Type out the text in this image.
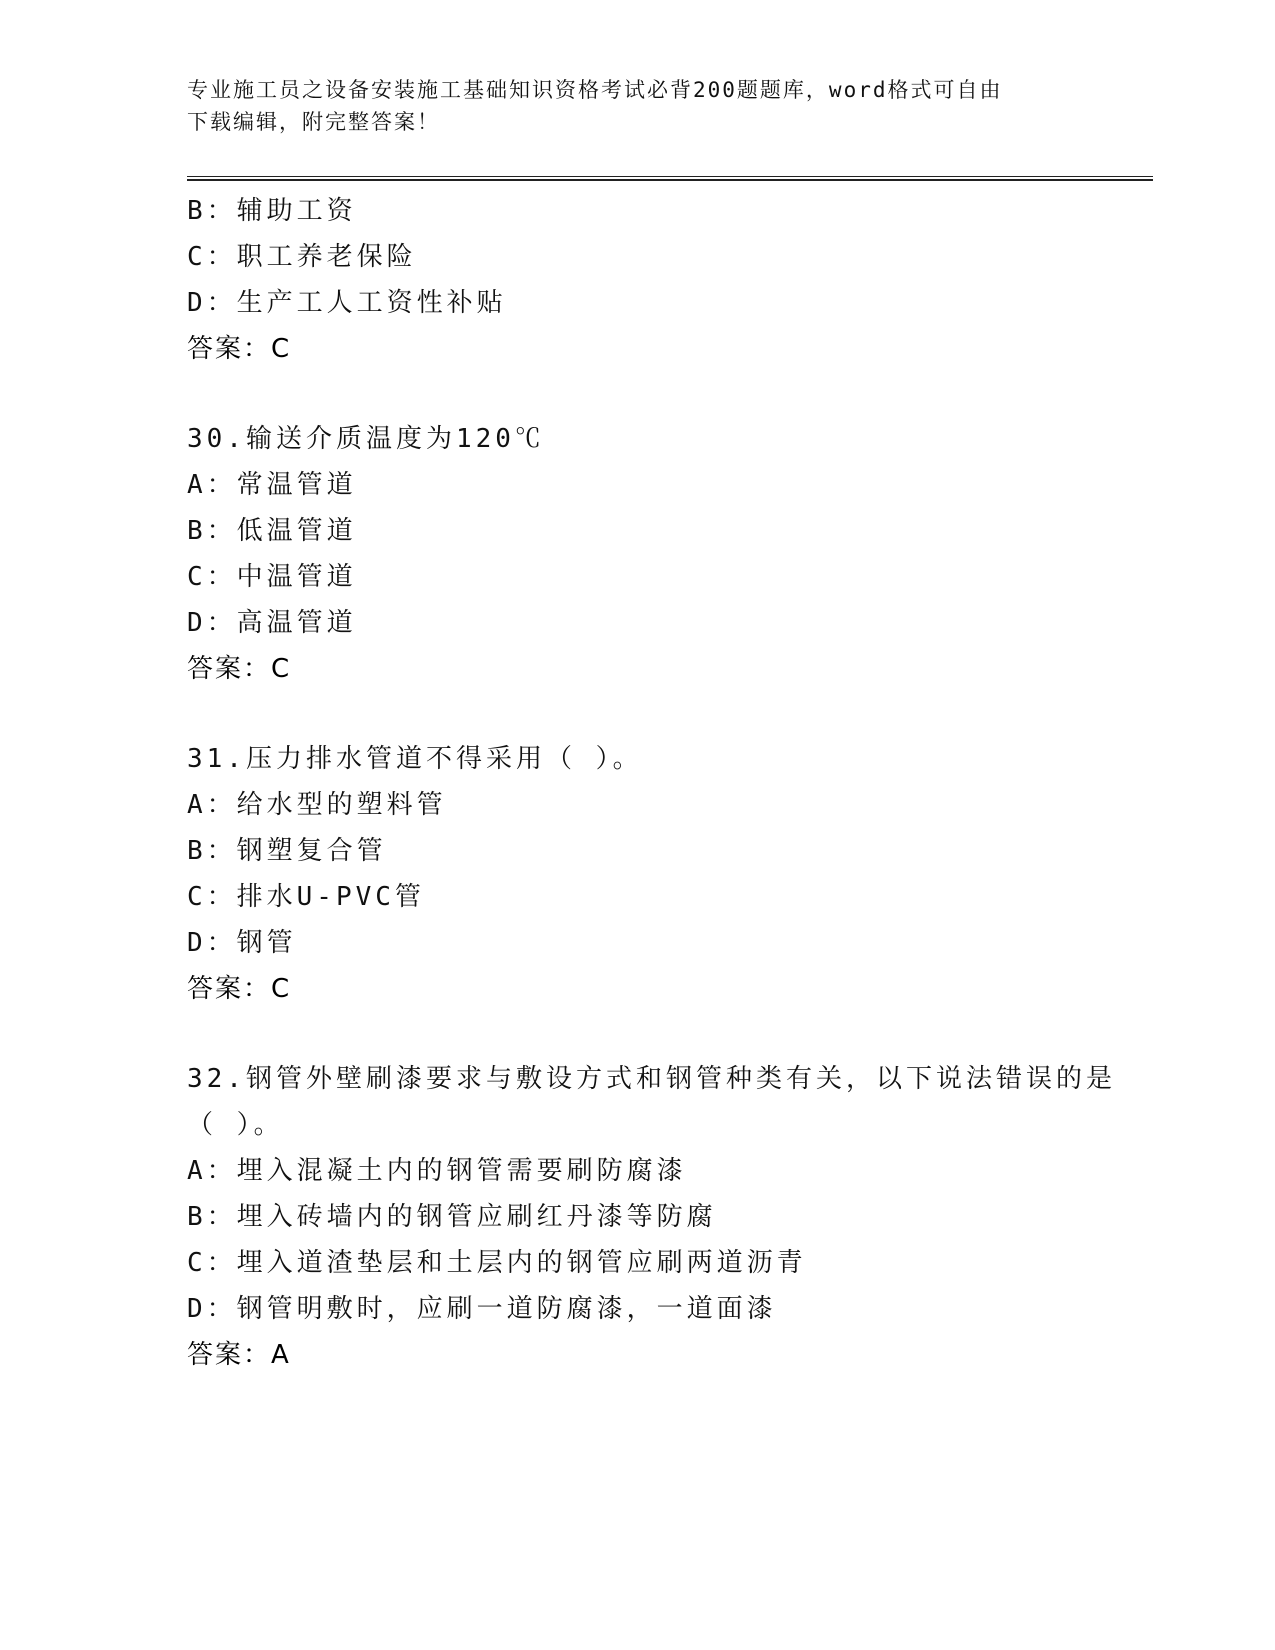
专业施工员之设备安装施工基础知识资格考试必背200题题库，word格式可自由
下载编辑，附完整答案！
B：辅助工资
C：职工养老保险
D：生产工人工资性补贴
答案：C
30.输送介质温度为120℃
A：常温管道
B：低温管道
C：中温管道
D：高温管道
答案：C
31.压力排水管道不得采用（ ）。
A：给水型的塑料管
B：钢塑复合管
C：排水U-PVC管
D：钢管
答案：C
32.钢管外壁刷漆要求与敷设方式和钢管种类有关，以下说法错误的是
（ ）。
A：埋入混凝土内的钢管需要刷防腐漆
B：埋入砖墙内的钢管应刷红丹漆等防腐
C：埋入道渣垫层和土层内的钢管应刷两道沥青
D：钢管明敷时，应刷一道防腐漆，一道面漆
答案：A
